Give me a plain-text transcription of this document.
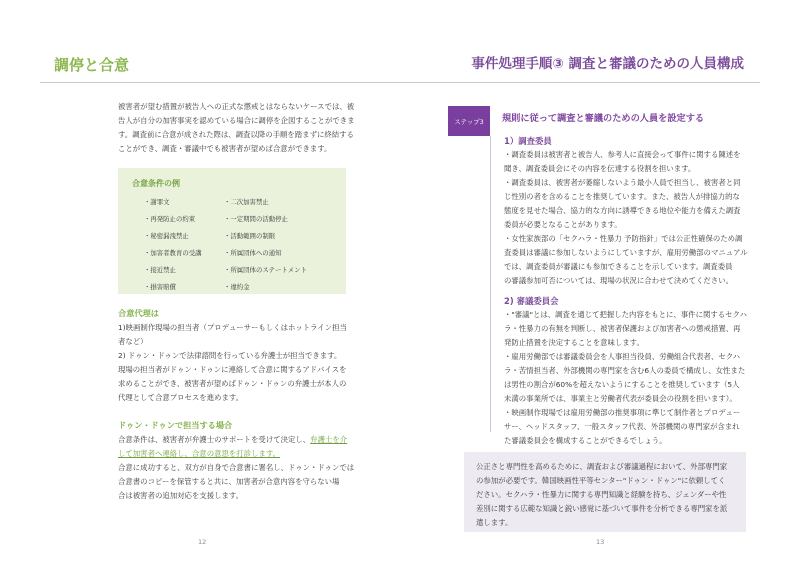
調停と合意
被害者が望む措置が被告人への正式な懲戒とはならないケースでは、被
告人が自分の加害事実を認めている場合に調停を企図することができま
す。調査前に合意が成された際は、調査以降の手順を踏まずに終結する
ことができ、調査・審議中でも被害者が望めば合意ができます。
合意条件の例
・謝罪文
・再発防止の約束
・秘密漏洩禁止
・加害者教育の受講
・接近禁止
・損害賠償
・二次加害禁止
・一定期間の活動停止
・活動範囲の制限
・所属団体への通知
・所属団体のステートメント
・違約金
合意代理は
1)映画制作現場の担当者（プロデューサーもしくはホットライン担当
者など）
2) ドゥン・ドゥンで法律諮問を行っている弁護士が担当できます。
現場の担当者がドゥン・ドゥンに連絡して合意に関するアドバイスを
求めることができ、被害者が望めばドゥン・ドゥンの弁護士が本人の
代理として合意プロセスを進めます。
ドゥン・ドゥンで担当する場合
合意条件は、被害者が弁護士のサポートを受けて決定し、弁護士を介
して加害者へ連絡し、合意の意思を打診します。
合意に成功すると、双方が自身で合意書に署名し、ドゥン・ドゥンでは
合意書のコピーを保管すると共に、加害者が合意内容を守らない場
合は被害者の追加対応を支援します。
12
事件処理手順③ 調査と審議のための人員構成
ステップ3	規則に従って調査と審議のための人員を設定する
1）調査委員
・調査委員は被害者と被告人、参考人に直接会って事件に関する陳述を
聞き、調査委員会にその内容を伝達する役割を担います。
・調査委員は、被害者が萎縮しないよう最小人員で担当し、被害者と同
じ性別の者を含めることを推奨しています。また、被告人が排協力的な
態度を見せた場合、協力的な方向に誘導できる地位や能力を備えた調査
委員が必要となることがあります。
・女性家族部の「セクハラ・性暴力 予防指針」では公正性確保のため調
査委員は審議に参加しないようにしていますが、雇用労働部のマニュアル
では、調査委員が審議にも参加できることを示しています。調査委員
の審議参加可否については、現場の状況に合わせて決めてください。
2) 審議委員会
・"審議"とは、調査を通じて把握した内容をもとに、事件に関するセクハ
ラ・性暴力の有無を判断し、被害者保護および加害者への懲戒措置、再
発防止措置を決定することを意味します。
・雇用労働部では審議委員会を人事担当役員、労働組合代表者、セクハ
ラ・苦情担当者、外部機関の専門家を含む6人の委員で構成し、女性また
は男性の割合が60%を超えないようにすることを推奨しています（5人
未満の事業所では、事業主と労働者代表が委員会の役割を担います）。
・映画制作現場では雇用労働部の推奨事項に準じて制作者とプロデュー
サー、ヘッドスタッフ、一般スタッフ代表、外部機関の専門家が含まれ
た審議委員会を構成することができるでしょう。
公正さと専門性を高めるために、調査および審議過程において、外部専門家
の参加が必要です。韓国映画性平等センター"ドゥン・ドゥン"に依頼してく
ださい。セクハラ・性暴力に関する専門知識と経験を持ち、ジェンダーや性
差別に関する広範な知識と鋭い感覚に基づいて事件を分析できる専門家を派
遣します。
13
